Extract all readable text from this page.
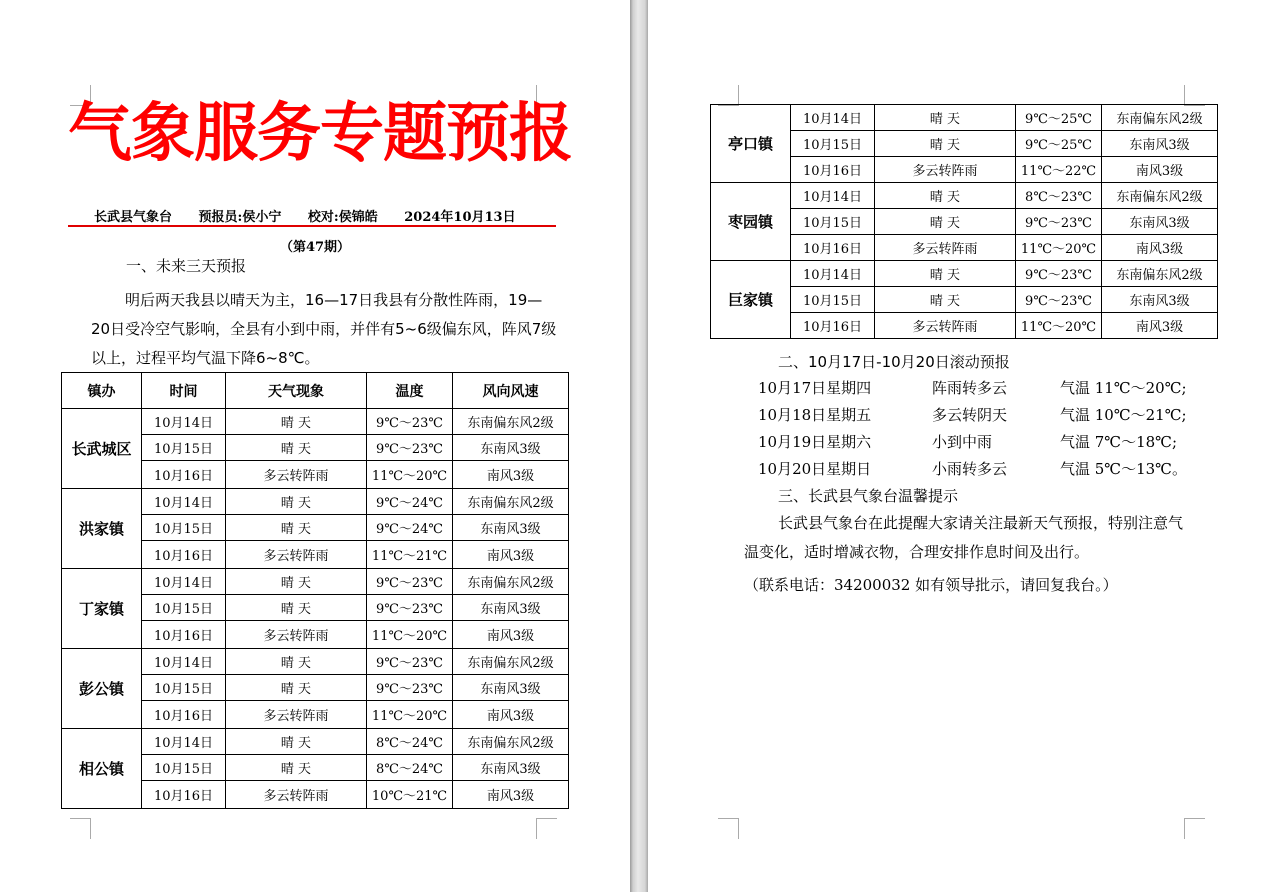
气象服务专题预报
长武县气象台 预报员:侯小宁 校对:侯锦皓 2024年10月13日
（第47期）
一、未来三天预报
明后两天我县以晴天为主，16—17日我县有分散性阵雨，19—20日受冷空气影响，全县有小到中雨，并伴有5~6级偏东风，阵风7级以上，过程平均气温下降6~8℃。
镇办	时间	天气现象	温度	风向风速
长武城区	10月14日	晴 天	9℃～23℃	东南偏东风2级
	10月15日	晴 天	9℃～23℃	东南风3级
	10月16日	多云转阵雨	11℃～20℃	南风3级
洪家镇	10月14日	晴 天	9℃～24℃	东南偏东风2级
	10月15日	晴 天	9℃～24℃	东南风3级
	10月16日	多云转阵雨	11℃～21℃	南风3级
丁家镇	10月14日	晴 天	9℃～23℃	东南偏东风2级
	10月15日	晴 天	9℃～23℃	东南风3级
	10月16日	多云转阵雨	11℃～20℃	南风3级
彭公镇	10月14日	晴 天	9℃～23℃	东南偏东风2级
	10月15日	晴 天	9℃～23℃	东南风3级
	10月16日	多云转阵雨	11℃～20℃	南风3级
相公镇	10月14日	晴 天	8℃～24℃	东南偏东风2级
	10月15日	晴 天	8℃～24℃	东南风3级
	10月16日	多云转阵雨	10℃～21℃	南风3级
亭口镇	10月14日	晴 天	9℃～25℃	东南偏东风2级
	10月15日	晴 天	9℃～25℃	东南风3级
	10月16日	多云转阵雨	11℃～22℃	南风3级
枣园镇	10月14日	晴 天	8℃～23℃	东南偏东风2级
	10月15日	晴 天	9℃～23℃	东南风3级
	10月16日	多云转阵雨	11℃～20℃	南风3级
巨家镇	10月14日	晴 天	9℃～23℃	东南偏东风2级
	10月15日	晴 天	9℃～23℃	东南风3级
	10月16日	多云转阵雨	11℃～20℃	南风3级
二、10月17日-10月20日滚动预报
10月17日星期四	阵雨转多云	气温 11℃～20℃;
10月18日星期五	多云转阴天	气温 10℃～21℃;
10月19日星期六	小到中雨	气温 7℃～18℃;
10月20日星期日	小雨转多云	气温 5℃～13℃。
三、长武县气象台温馨提示
长武县气象台在此提醒大家请关注最新天气预报，特别注意气温变化，适时增减衣物，合理安排作息时间及出行。
（联系电话：34200032 如有领导批示，请回复我台。）
